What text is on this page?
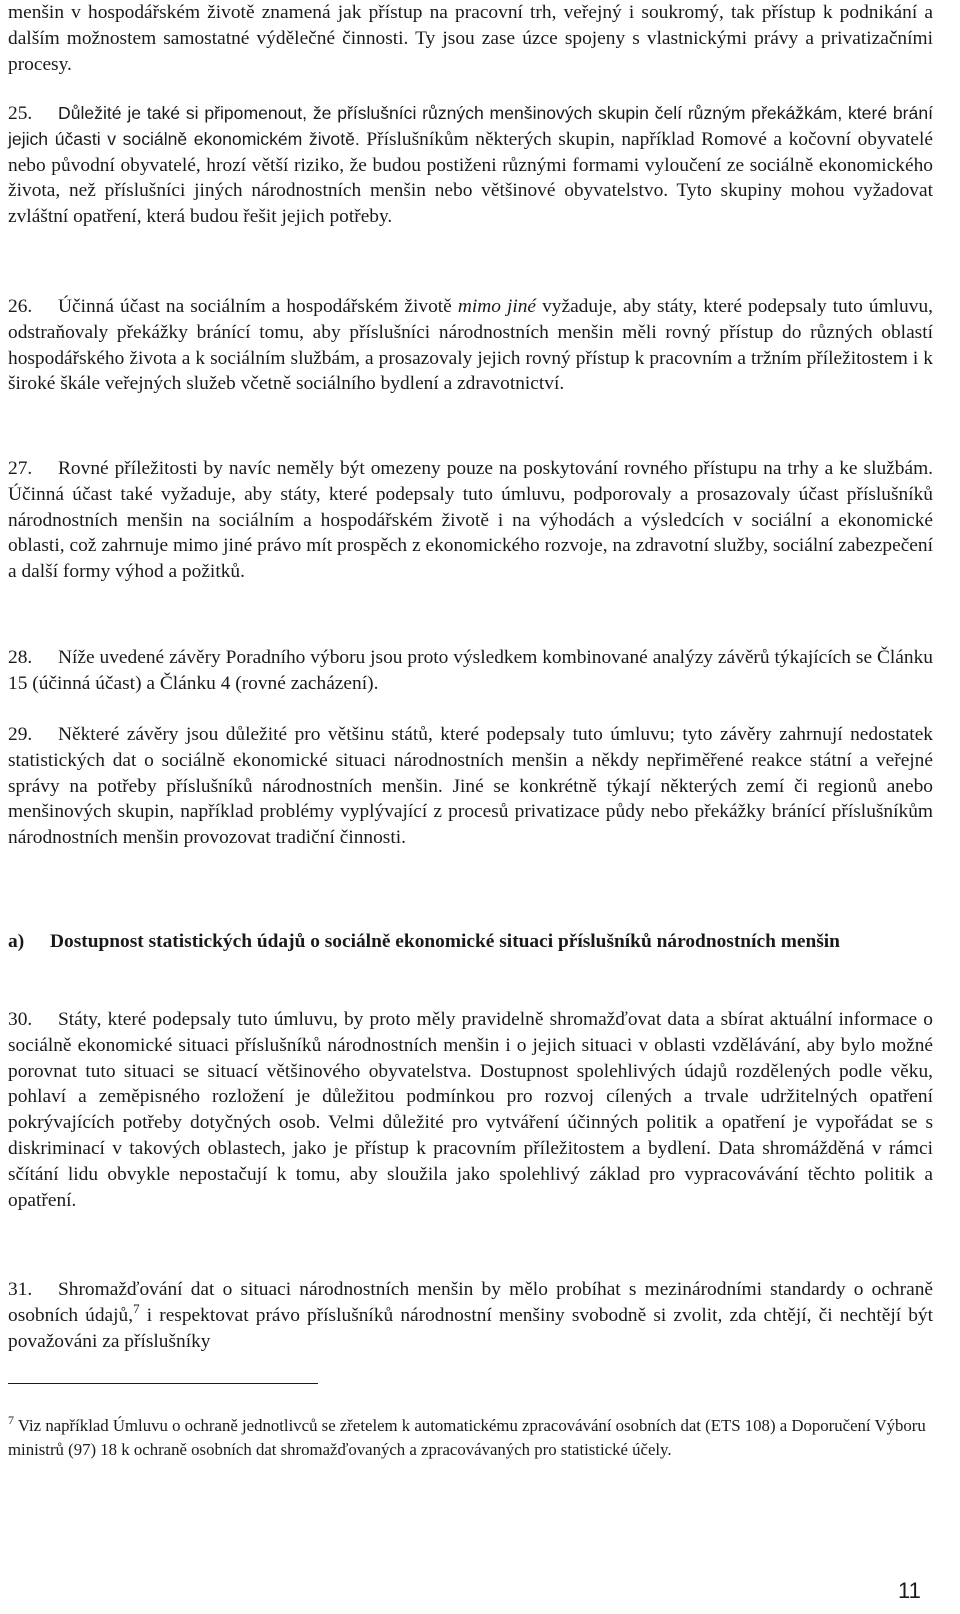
menšin v hospodářském životě znamená jak přístup na pracovní trh, veřejný i soukromý, tak přístup k podnikání a dalším možnostem samostatné výdělečné činnosti. Ty jsou zase úzce spojeny s vlastnickými právy a privatizačními procesy.

25. Důležité je také si připomenout, že příslušníci různých menšinových skupin čelí různým překážkám, které brání jejich účasti v sociálně ekonomickém životě. Příslušníkům některých skupin, například Romové a kočovní obyvatelé nebo původní obyvatelé, hrozí větší riziko, že budou postiženi různými formami vyloučení ze sociálně ekonomického života, než příslušníci jiných národnostních menšin nebo většinové obyvatelstvo. Tyto skupiny mohou vyžadovat zvláštní opatření, která budou řešit jejich potřeby.

26. Účinná účast na sociálním a hospodářském životě mimo jiné vyžaduje, aby státy, které podepsaly tuto úmluvu, odstraňovaly překážky bránící tomu, aby příslušníci národnostních menšin měli rovný přístup do různých oblastí hospodářského života a k sociálním službám, a prosazovaly jejich rovný přístup k pracovním a tržním příležitostem i k široké škále veřejných služeb včetně sociálního bydlení a zdravotnictví.

27. Rovné příležitosti by navíc neměly být omezeny pouze na poskytování rovného přístupu na trhy a ke službám. Účinná účast také vyžaduje, aby státy, které podepsaly tuto úmluvu, podporovaly a prosazovaly účast příslušníků národnostních menšin na sociálním a hospodářském životě i na výhodách a výsledcích v sociální a ekonomické oblasti, což zahrnuje mimo jiné právo mít prospěch z ekonomického rozvoje, na zdravotní služby, sociální zabezpečení a další formy výhod a požitků.

28. Níže uvedené závěry Poradního výboru jsou proto výsledkem kombinované analýzy závěrů týkajících se Článku 15 (účinná účast) a Článku 4 (rovné zacházení).

29. Některé závěry jsou důležité pro většinu států, které podepsaly tuto úmluvu; tyto závěry zahrnují nedostatek statistických dat o sociálně ekonomické situaci národnostních menšin a někdy nepřiměřené reakce státní a veřejné správy na potřeby příslušníků národnostních menšin. Jiné se konkrétně týkají některých zemí či regionů anebo menšinových skupin, například problémy vyplývající z procesů privatizace půdy nebo překážky bránící příslušníkům národnostních menšin provozovat tradiční činnosti.

a) Dostupnost statistických údajů o sociálně ekonomické situaci příslušníků národnostních menšin

30. Státy, které podepsaly tuto úmluvu, by proto měly pravidelně shromažďovat data a sbírat aktuální informace o sociálně ekonomické situaci příslušníků národnostních menšin i o jejich situaci v oblasti vzdělávání, aby bylo možné porovnat tuto situaci se situací většinového obyvatelstva. Dostupnost spolehlivých údajů rozdělených podle věku, pohlaví a zeměpisného rozložení je důležitou podmínkou pro rozvoj cílených a trvale udržitelných opatření pokrývajících potřeby dotyčných osob. Velmi důležité pro vytváření účinných politik a opatření je vypořádat se s diskriminací v takových oblastech, jako je přístup k pracovním příležitostem a bydlení. Data shromážděná v rámci sčítání lidu obvykle nepostačují k tomu, aby sloužila jako spolehlivý základ pro vypracovávání těchto politik a opatření.

31. Shromažďování dat o situaci národnostních menšin by mělo probíhat s mezinárodními standardy o ochraně osobních údajů,$^7$ i respektovat právo příslušníků národnostní menšiny svobodně si zvolit, zda chtějí, či nechtějí být považováni za příslušníky

$^7$ Viz například Úmluvu o ochraně jednotlivců se zřetelem k automatickému zpracovávání osobních dat (ETS 108) a Doporučení Výboru ministrů (97) 18 k ochraně osobních dat shromažďovaných a zpracovávaných pro statistické účely.

11
